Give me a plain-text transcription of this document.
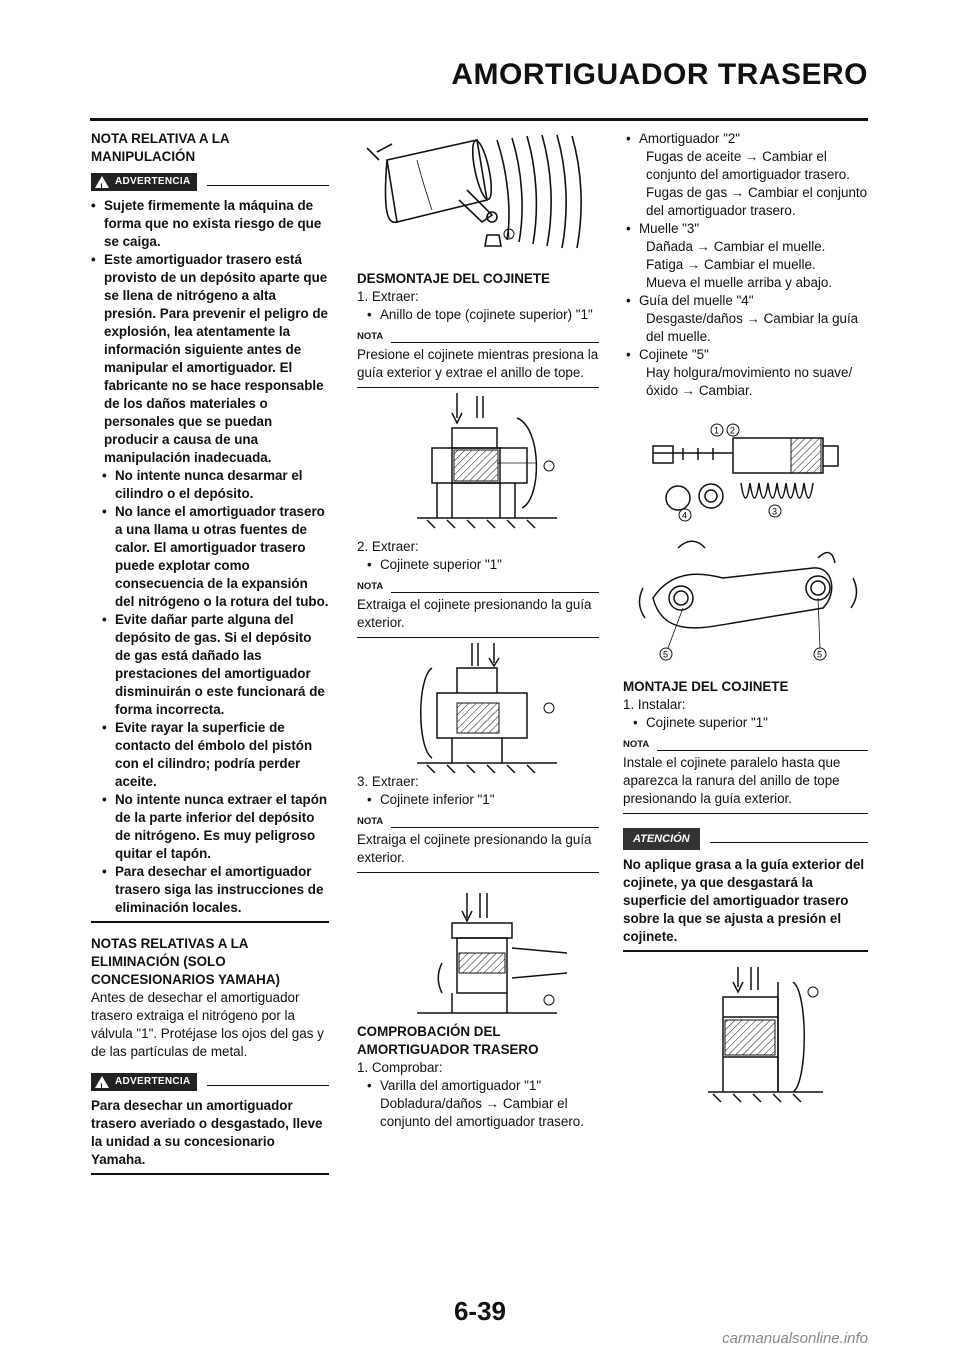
AMORTIGUADOR TRASERO

NOTA RELATIVA A LA MANIPULACIÓN

! ADVERTENCIA
• Sujete firmemente la máquina de forma que no exista riesgo de que se caiga.
• Este amortiguador trasero está provisto de un depósito aparte que se llena de nitrógeno a alta presión. Para prevenir el peligro de explosión, lea atentamente la información siguiente antes de manipular el amortiguador. El fabricante no se hace responsable de los daños materiales o personales que se puedan producir a causa de una manipulación inadecuada.
• No intente nunca desarmar el cilindro o el depósito.
• No lance el amortiguador trasero a una llama u otras fuentes de calor. El amortiguador trasero puede explotar como consecuencia de la expansión del nitrógeno o la rotura del tubo.
• Evite dañar parte alguna del depósito de gas. Si el depósito de gas está dañado las prestaciones del amortiguador disminuirán o este funcionará de forma incorrecta.
• Evite rayar la superficie de contacto del émbolo del pistón con el cilindro; podría perder aceite.
• No intente nunca extraer el tapón de la parte inferior del depósito de nitrógeno. Es muy peligroso quitar el tapón.
• Para desechar el amortiguador trasero siga las instrucciones de eliminación locales.

NOTAS RELATIVAS A LA ELIMINACIÓN (SOLO CONCESIONARIOS YAMAHA)

Antes de desechar el amortiguador trasero extraiga el nitrógeno por la válvula "1". Protéjase los ojos del gas y de las partículas de metal.

! ADVERTENCIA

Para desechar un amortiguador trasero averiado o desgastado, lleve la unidad a su concesionario Yamaha.

1

DESMONTAJE DEL COJINETE

1. Extraer:

• Anillo de tope (cojinete superior) "1"
NOTA

Presione el cojinete mientras presiona la guía exterior y extrae el anillo de tope.

2. Extraer:

• Cojinete superior "1"
NOTA

Extraiga el cojinete presionando la guía exterior.

3. Extraer:

• Cojinete inferior "1"
NOTA

Extraiga el cojinete presionando la guía exterior.

COMPROBACIÓN DEL AMORTIGUADOR TRASERO

1. Comprobar:

• Varilla del amortiguador "1"

Dobladura/daños → Cambiar el conjunto del amortiguador trasero.

• Amortiguador "2"

Fugas de aceite → Cambiar el conjunto del amortiguador trasero.

Fugas de gas → Cambiar el conjunto del amortiguador trasero.

• Muelle "3"

Dañada → Cambiar el muelle.

Fatiga → Cambiar el muelle.

Mueva el muelle arriba y abajo.

• Guía del muelle "4"

Desgaste/daños → Cambiar la guía del muelle.

• Cojinete "5"

Hay holgura/movimiento no suave/óxido → Cambiar.

1 2
3
4
5	5

MONTAJE DEL COJINETE

1. Instalar:

• Cojinete superior "1"
NOTA

Instale el cojinete paralelo hasta que aparezca la ranura del anillo de tope presionando la guía exterior.

ATENCIÓN

No aplique grasa a la guía exterior del cojinete, ya que desgastará la superficie del amortiguador trasero sobre la que se ajusta a presión el cojinete.

6-39
carmanualsonline.info
